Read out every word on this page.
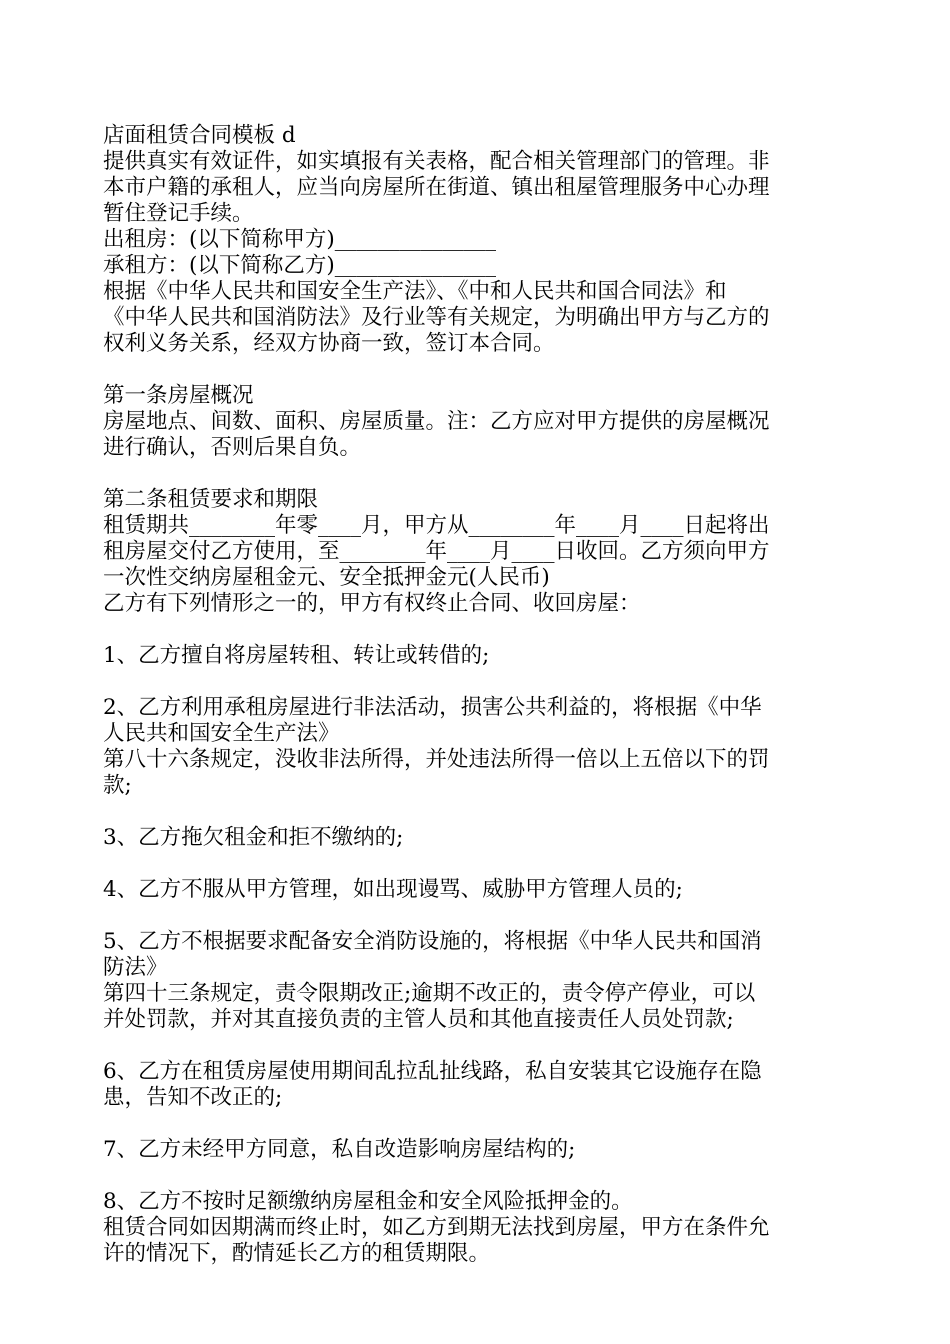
店面租赁合同模板 d
提供真实有效证件，如实填报有关表格，配合相关管理部门的管理。非
本市户籍的承租人，应当向房屋所在街道、镇出租屋管理服务中心办理
暂住登记手续。
出租房：(以下简称甲方)_______________
承租方：(以下简称乙方)_______________
根据《中华人民共和国安全生产法》、《中和人民共和国合同法》和
《中华人民共和国消防法》及行业等有关规定，为明确出甲方与乙方的
权利义务关系，经双方协商一致，签订本合同。
第一条房屋概况
房屋地点、间数、面积、房屋质量。注：乙方应对甲方提供的房屋概况
进行确认，否则后果自负。
第二条租赁要求和期限
租赁期共________年零____月，甲方从________年____月____日起将出
租房屋交付乙方使用，至________年____月____日收回。乙方须向甲方
一次性交纳房屋租金元、安全抵押金元(人民币)
乙方有下列情形之一的，甲方有权终止合同、收回房屋：
1、乙方擅自将房屋转租、转让或转借的;
2、乙方利用承租房屋进行非法活动，损害公共利益的，将根据《中华
人民共和国安全生产法》
第八十六条规定，没收非法所得，并处违法所得一倍以上五倍以下的罚
款;
3、乙方拖欠租金和拒不缴纳的;
4、乙方不服从甲方管理，如出现谩骂、威胁甲方管理人员的;
5、乙方不根据要求配备安全消防设施的，将根据《中华人民共和国消
防法》
第四十三条规定，责令限期改正;逾期不改正的，责令停产停业，可以
并处罚款，并对其直接负责的主管人员和其他直接责任人员处罚款;
6、乙方在租赁房屋使用期间乱拉乱扯线路，私自安装其它设施存在隐
患，告知不改正的;
7、乙方未经甲方同意，私自改造影响房屋结构的;
8、乙方不按时足额缴纳房屋租金和安全风险抵押金的。
租赁合同如因期满而终止时，如乙方到期无法找到房屋，甲方在条件允
许的情况下，酌情延长乙方的租赁期限。
